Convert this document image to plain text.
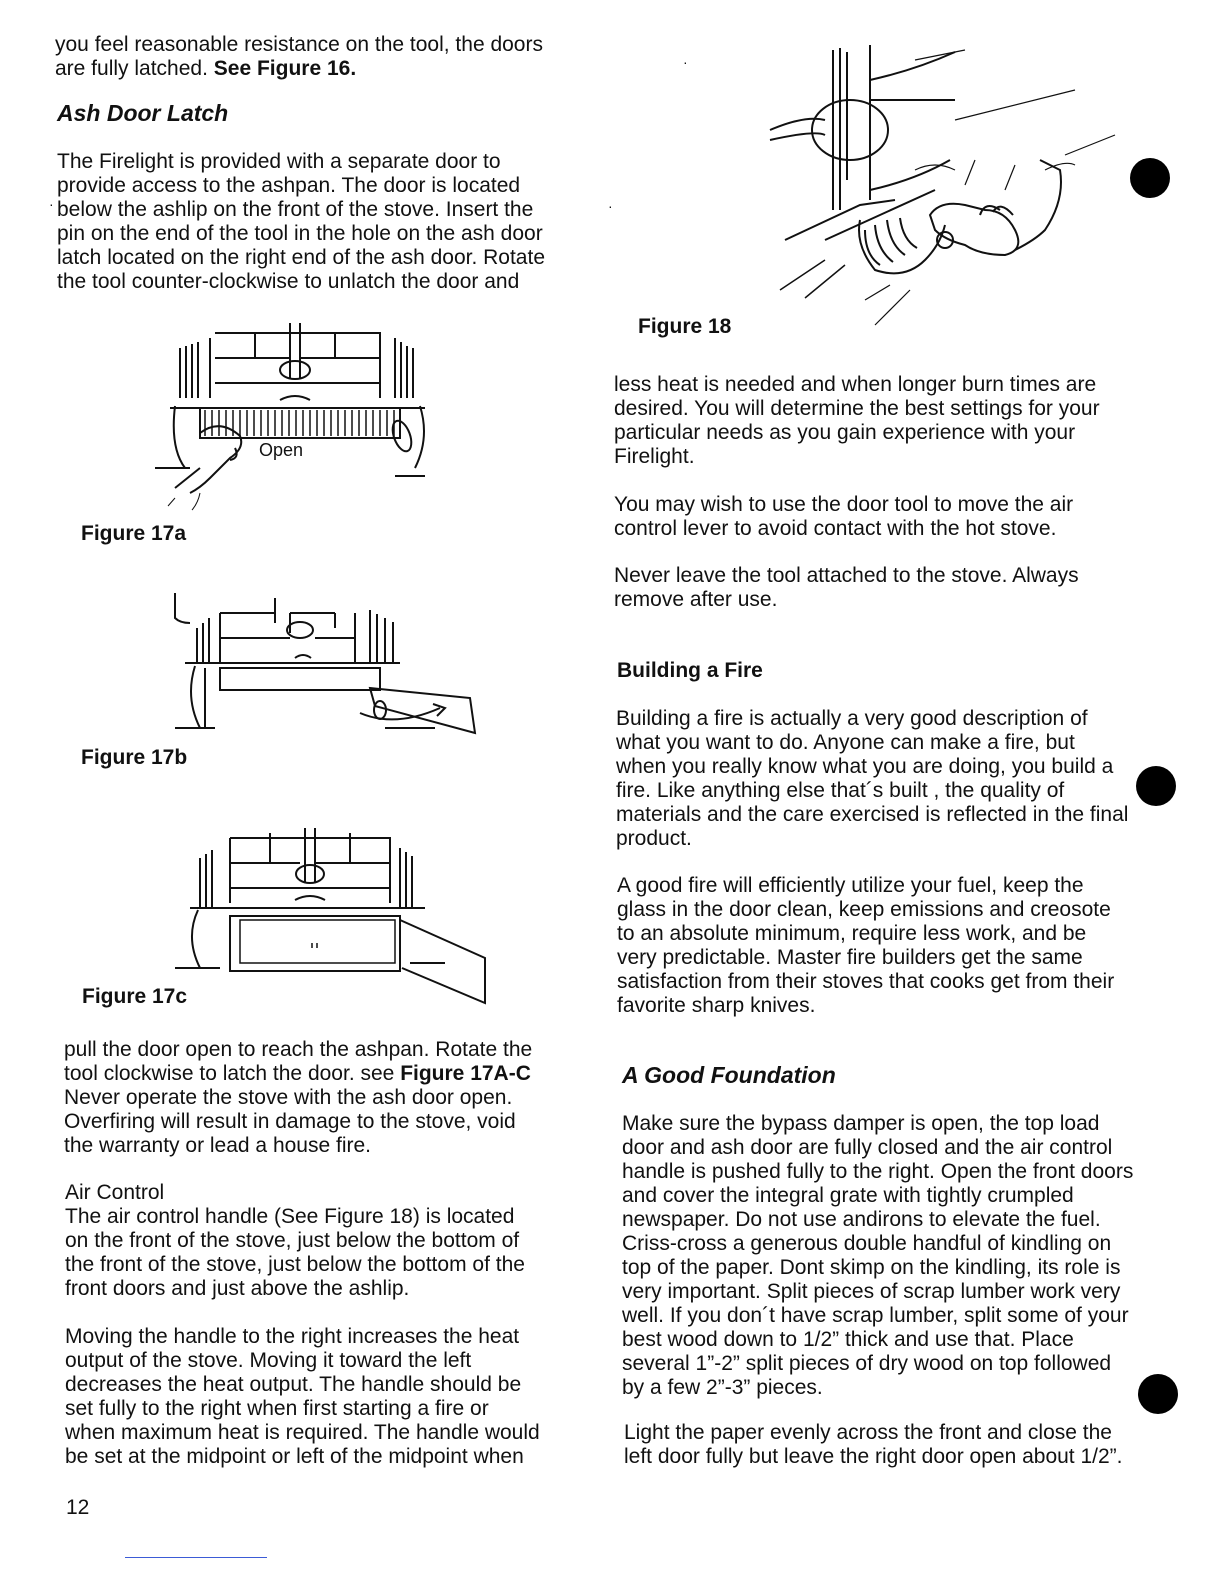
you feel reasonable resistance on the tool, the doors
are fully latched. See Figure 16.
Ash Door Latch
The Firelight is provided with a separate door to
provide access to the ashpan. The door is located
below the ashlip on the front of the stove. Insert the
pin on the end of the tool in the hole on the ash door
latch located on the right end of the ash door. Rotate
the tool counter-clockwise to unlatch the door and
·
Open
Figure 17a
Figure 17b
Figure 17c
pull the door open to reach the ashpan. Rotate the
tool clockwise to latch the door. see Figure 17A-C
Never operate the stove with the ash door open.
Overfiring will result in damage to the stove, void
the warranty or lead a house fire.
Air Control
The air control handle (See Figure 18) is located
on the front of the stove, just below the bottom of
the front of the stove, just below the bottom of the
front doors and just above the ashlip.
Moving the handle to the right increases the heat
output of the stove. Moving it toward the left
decreases the heat output. The handle should be
set fully to the right when first starting a fire or
when maximum heat is required. The handle would
be set at the midpoint or left of the midpoint when
12
Figure 18
·
·
less heat is needed and when longer burn times are
desired. You will determine the best settings for your
particular needs as you gain experience with your
Firelight.
You may wish to use the door tool to move the air
control lever to avoid contact with the hot stove.
Never leave the tool attached to the stove. Always
remove after use.
Building a Fire
Building a fire is actually a very good description of
what you want to do. Anyone can make a fire, but
when you really know what you are doing, you build a
fire. Like anything else that´s built , the quality of
materials and the care exercised is reflected in the final
product.
A good fire will efficiently utilize your fuel, keep the
glass in the door clean, keep emissions and creosote
to an absolute minimum, require less work, and be
very predictable. Master fire builders get the same
satisfaction from their stoves that cooks get from their
favorite sharp knives.
A Good Foundation
Make sure the bypass damper is open, the top load
door and ash door are fully closed and the air control
handle is pushed fully to the right. Open the front doors
and cover the integral grate with tightly crumpled
newspaper. Do not use andirons to elevate the fuel.
Criss-cross a generous double handful of kindling on
top of the paper. Dont skimp on the kindling, its role is
very important. Split pieces of scrap lumber work very
well. If you don´t have scrap lumber, split some of your
best wood down to 1/2” thick and use that. Place
several 1”-2” split pieces of dry wood on top followed
by a few 2”-3” pieces.
Light the paper evenly across the front and close the
left door fully but leave the right door open about 1/2”.
